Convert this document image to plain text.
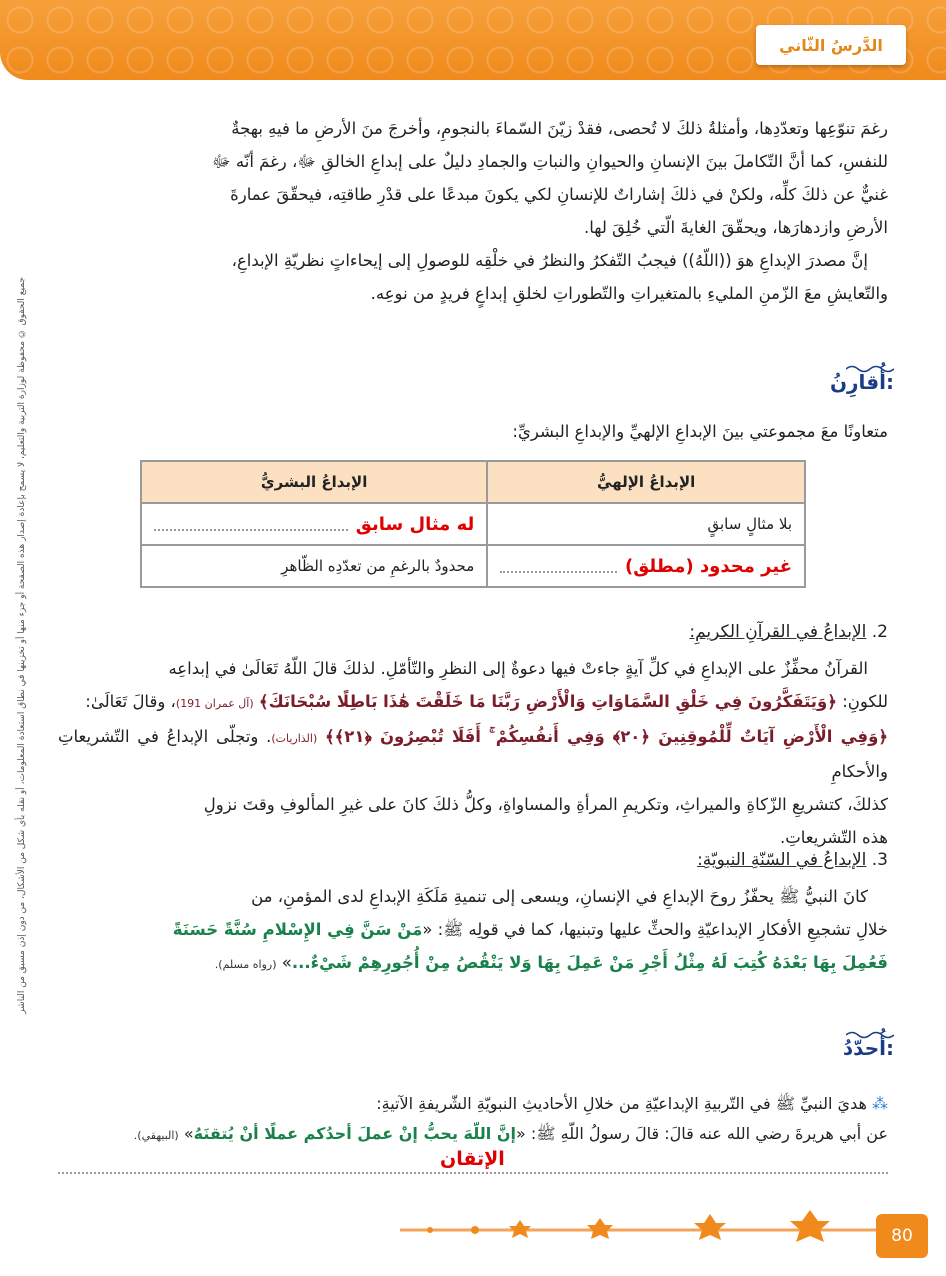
الدَّرسُ الثّاني
جميع الحقوق © محفوظة لوزارة التربية والتعليم، لا يسمح بإعادة إصدار هذه الصفحة أو جزء منها أو تخزينها في نطاق استعادة المعلومات، أو نقله بأي شكل من الأشكال، من دون إذن مسبق من الناشر
رغمَ تنوّعِها وتعدّدِها، وأمثلةُ ذلكَ لا تُحصى، فقدْ زيّنَ السّماءَ بالنجومِ، وأخرجَ منَ الأرضِ ما فيهِ بهجةٌ
للنفسِ، كما أنَّ التّكاملَ بينَ الإنسانِ والحيوانِ والنباتِ والجمادِ دليلٌ على إبداعِ الخالقِ ﷻ، رغمَ أنّه ﷻ
غنيٌّ عن ذلكَ كلِّه، ولكنْ في ذلكَ إشاراتٌ للإنسانِ لكي يكونَ مبدعًا على قدْرِ طاقتِه، فيحقّقَ عمارةَ
الأرضِ وازدهارَها، ويحقّقَ الغايةَ الّتي خُلِقَ لها.
إنَّ مصدرَ الإبداعِ هوَ ((اللّهُ)) فيجبُ التّفكرُ والنظرُ في خلْقِه للوصولِ إلى إيحاءاتٍ نظريّةِ الإبداعِ،
والتّعايشِ معَ الزّمنِ المليءِ بالمتغيراتِ والتّطوراتِ لخلقِ إبداعٍ فريدٍ من نوعِه.
أُقارِنُ:
متعاونًا معَ مجموعتي بينَ الإبداعِ الإلهيِّ والإبداعِ البشريِّ:
الإبداعُ الإلهيُّ	الإبداعُ البشريُّ
بلا مثالٍ سابقٍ	له مثال سابق

غير محدود (مطلق)	محدودٌ بالرغمِ من تعدّدِه الظّاهرِ
2. الإبداعُ في القرآنِ الكريمِ:
القرآنُ محفِّزٌ على الإبداعِ في كلِّ آيةٍ جاءتْ فيها دعوةٌ إلى النظرِ والتّأمّلِ. لذلكَ قالَ اللّهُ تَعَالَىٰ في إبداعِه
للكونِ: ﴿وَيَتَفَكَّرُونَ فِي خَلْقِ السَّمَاوَاتِ وَالْأَرْضِ رَبَّنَا مَا خَلَقْتَ هَٰذَا بَاطِلًا سُبْحَانَكَ﴾ (آل عمران 191)، وقالَ تَعَالَىٰ:
﴿وَفِي الْأَرْضِ آيَاتٌ لِّلْمُوقِنِينَ ﴿٢٠﴾ وَفِي أَنفُسِكُمْ ۚ أَفَلَا تُبْصِرُونَ ﴿٢١﴾﴾ (الذاريات). وتجلّى الإبداعُ في التّشريعاتِ والأحكامِ
كذلكَ، كتشريعِ الزّكاةِ والميراثِ، وتكريمِ المرأةِ والمساواةِ، وكلُّ ذلكَ كانَ على غيرِ المألوفِ وقتَ نزولِ
هذه التّشريعاتِ.
3. الإبداعُ في السّنّةِ النبويّةِ:
كانَ النبيُّ ﷺ يحفّزُ روحَ الإبداعِ في الإنسانِ، ويسعى إلى تنميةِ مَلَكَةِ الإبداعِ لدى المؤمنِ، من
خلالِ تشجيعِ الأفكارِ الإبداعيّةِ والحثِّ عليها وتبنيها، كما في قولِه ﷺ: «مَنْ سَنَّ فِي الإِسْلامِ سُنَّةً حَسَنَةً
فَعُمِلَ بِهَا بَعْدَهُ كُتِبَ لَهُ مِثْلُ أَجْرِ مَنْ عَمِلَ بِهَا وَلا يَنْقُصُ مِنْ أُجُورِهِمْ شَيْءٌ...» (رواه مسلم).
أُحدّدُ:
⁂ هديَ النبيِّ ﷺ في التّربيةِ الإبداعيّةِ من خلالِ الأحاديثِ النبويّةِ الشّريفةِ الآتيةِ:
عن أبي هريرةَ رضي الله عنه قالَ: قالَ رسولُ اللّهِ ﷺ: «إنَّ اللّهَ يحبُّ إنْ عملَ أحدُكم عملًا أنْ يُتقنَهُ» (البيهقي).
الإتقان
80
